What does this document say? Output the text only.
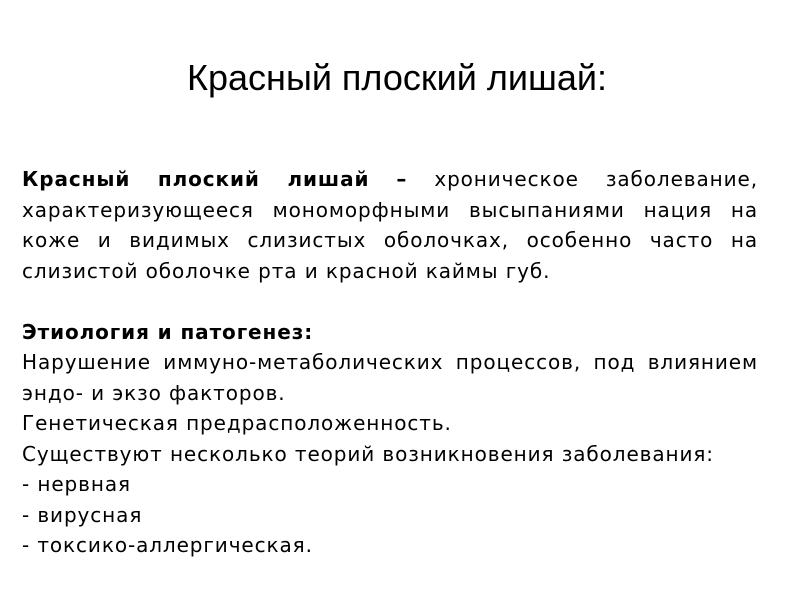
Красный плоский лишай:

Красный плоский лишай – хроническое заболевание, характеризующееся мономорфными высыпаниями нация на коже и видимых слизистых оболочках, особенно часто на слизистой оболочке рта и красной каймы губ.

Этиология и патогенез:

Нарушение иммуно-метаболических процессов, под влиянием эндо- и экзо факторов.

Генетическая предрасположенность.

Существуют несколько теорий возникновения заболевания:

- нервная

- вирусная

- токсико-аллергическая.
